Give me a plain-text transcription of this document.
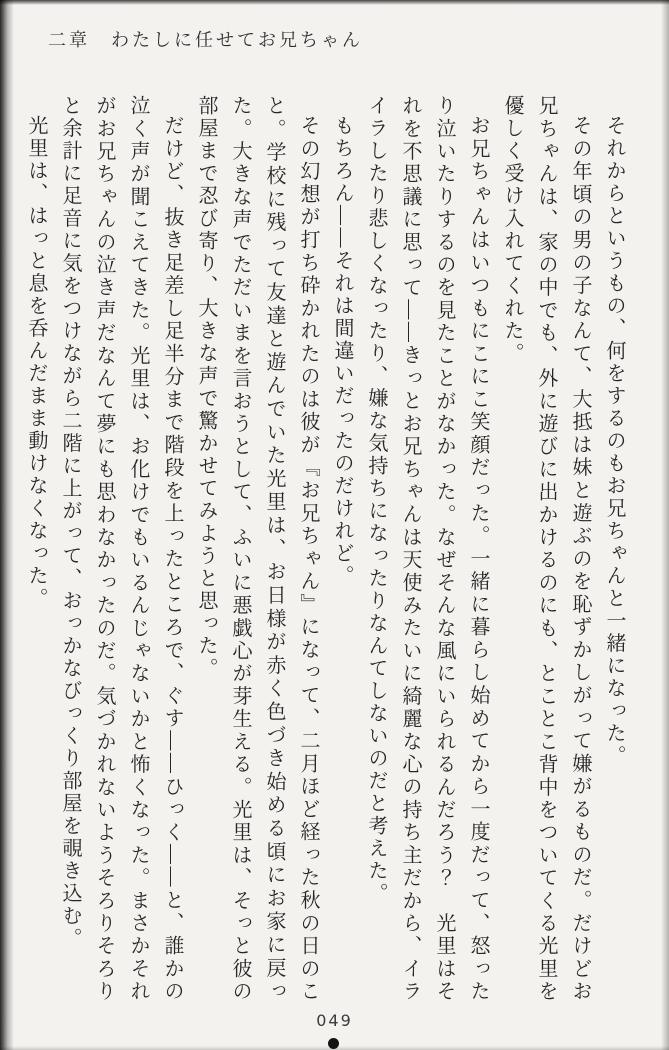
二章　わたしに任せてお兄ちゃん

それからというもの、何をするのもお兄ちゃんと一緒になった。

その年頃の男の子なんて、大抵は妹と遊ぶのを恥ずかしがって嫌がるものだ。だけどお兄ちゃんは、家の中でも、外に遊びに出かけるのにも、とことこ背中をついてくる光里を優しく受け入れてくれた。

お兄ちゃんはいつもにこにこ笑顔だった。一緒に暮らし始めてから一度だって、怒ったり泣いたりするのを見たことがなかった。なぜそんな風にいられるんだろう？　光里はそれを不思議に思って――きっとお兄ちゃんは天使みたいに綺麗な心の持ち主だから、イライラしたり悲しくなったり、嫌な気持ちになったりなんてしないのだと考えた。

もちろん――それは間違いだったのだけれど。

その幻想が打ち砕かれたのは彼が『お兄ちゃん』になって、二月ほど経った秋の日のこと。学校に残って友達と遊んでいた光里は、お日様が赤く色づき始める頃にお家に戻った。大きな声でただいまを言おうとして、ふいに悪戯心が芽生える。光里は、そっと彼の部屋まで忍び寄り、大きな声で驚かせてみようと思った。

だけど、抜き足差し足半分まで階段を上ったところで、ぐす――ひっく――と、誰かの泣く声が聞こえてきた。光里は、お化けでもいるんじゃないかと怖くなった。まさかそれがお兄ちゃんの泣き声だなんて夢にも思わなかったのだ。気づかれないようそろりそろりと余計に足音に気をつけながら二階に上がって、おっかなびっくり部屋を覗き込む。

光里は、はっと息を呑んだまま動けなくなった。

049
